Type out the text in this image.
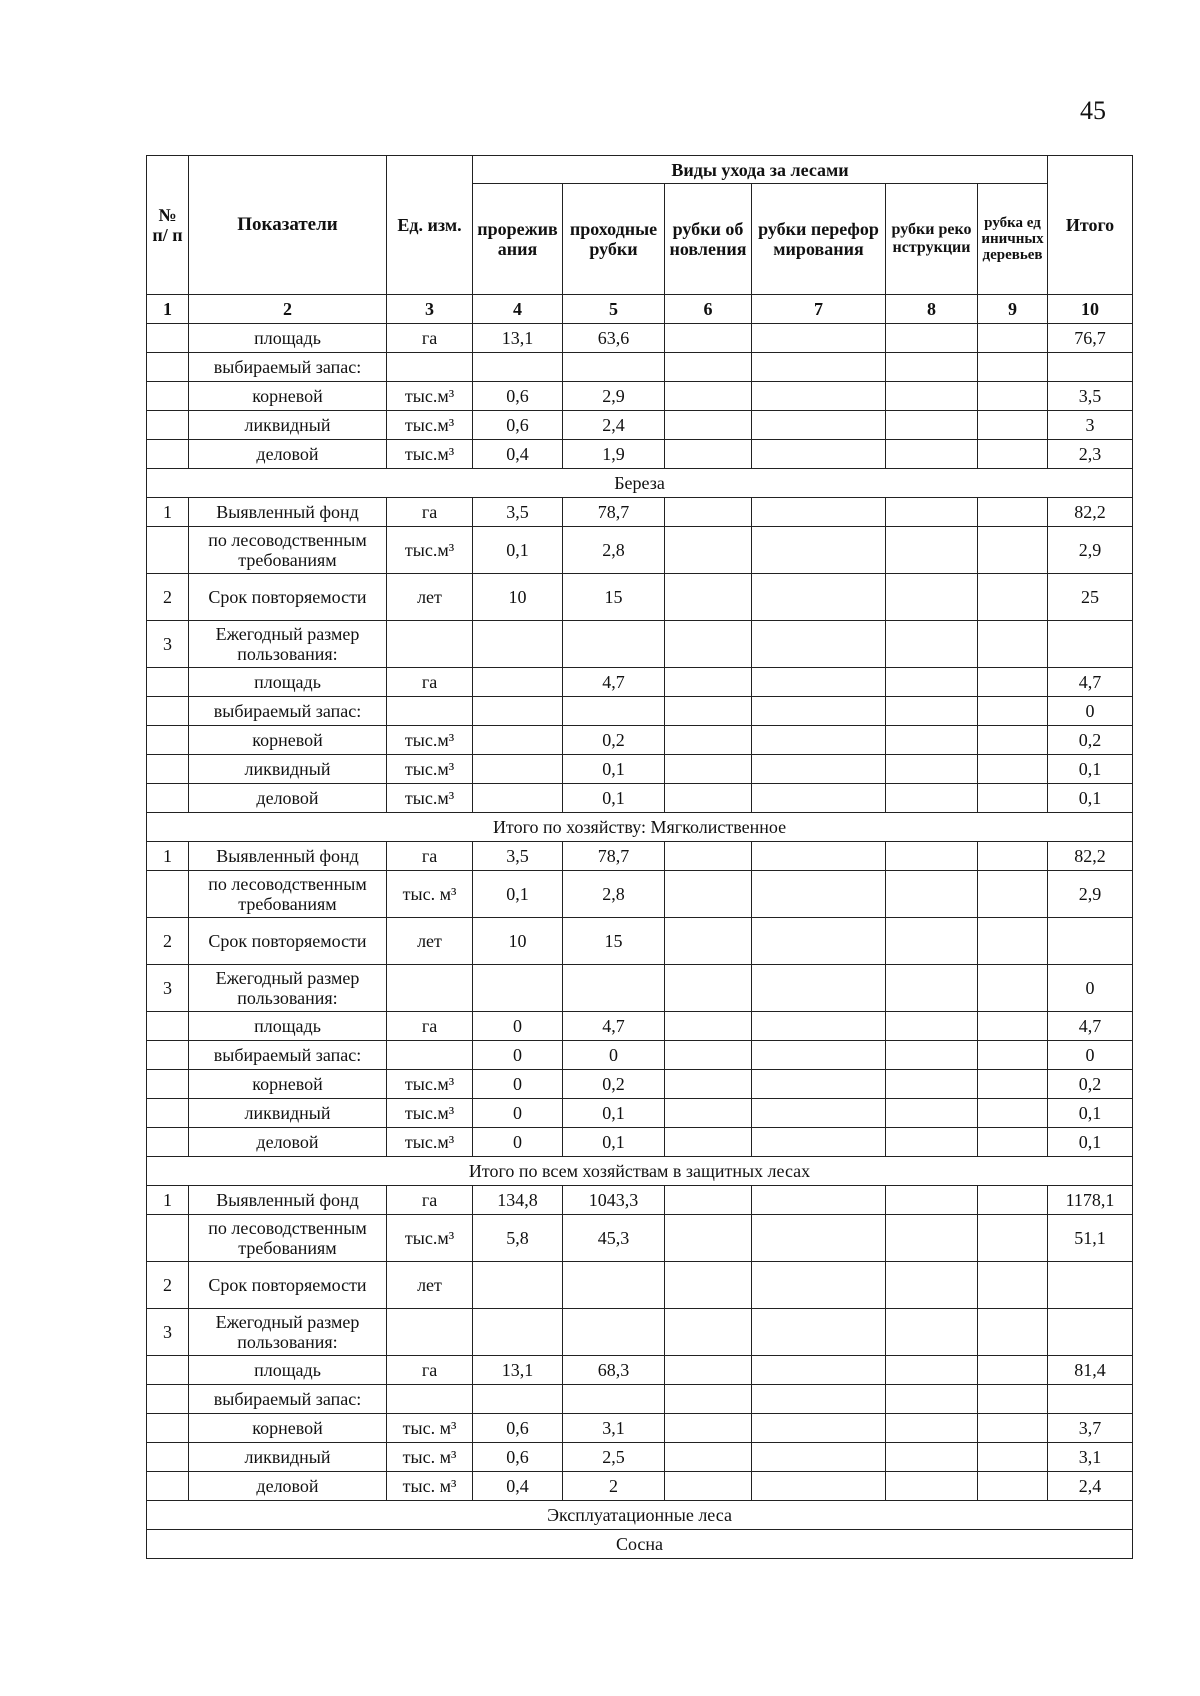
45
№ п/ п	Показатели	Ед. изм.	Виды ухода за лесами						Итого
			прореживания	проходные рубки	рубки обновления	рубки переформирования	рубки реконструкции	рубка единичных деревьев	
1	2	3	4	5	6	7	8	9	10
	площадь	га	13,1	63,6					76,7
	выбираемый запас:								
	корневой	тыс.м³	0,6	2,9					3,5
	ликвидный	тыс.м³	0,6	2,4					3
	деловой	тыс.м³	0,4	1,9					2,3
Береза									
1	Выявленный фонд	га	3,5	78,7					82,2
	по лесоводственным требованиям	тыс.м³	0,1	2,8					2,9
2	Срок повторяемости	лет	10	15					25
3	Ежегодный размер пользования:								
	площадь	га		4,7					4,7
	выбираемый запас:								0
	корневой	тыс.м³		0,2					0,2
	ликвидный	тыс.м³		0,1					0,1
	деловой	тыс.м³		0,1					0,1
Итого по хозяйству: Мягколиственное									
1	Выявленный фонд	га	3,5	78,7					82,2
	по лесоводственным требованиям	тыс. м³	0,1	2,8					2,9
2	Срок повторяемости	лет	10	15					
3	Ежегодный размер пользования:								0
	площадь	га	0	4,7					4,7
	выбираемый запас:		0	0					0
	корневой	тыс.м³	0	0,2					0,2
	ликвидный	тыс.м³	0	0,1					0,1
	деловой	тыс.м³	0	0,1					0,1
Итого по всем хозяйствам в защитных лесах									
1	Выявленный фонд	га	134,8	1043,3					1178,1
	по лесоводственным требованиям	тыс.м³	5,8	45,3					51,1
2	Срок повторяемости	лет							
3	Ежегодный размер пользования:								
	площадь	га	13,1	68,3					81,4
	выбираемый запас:								
	корневой	тыс. м³	0,6	3,1					3,7
	ликвидный	тыс. м³	0,6	2,5					3,1
	деловой	тыс. м³	0,4	2					2,4
Эксплуатационные леса									
Сосна									
